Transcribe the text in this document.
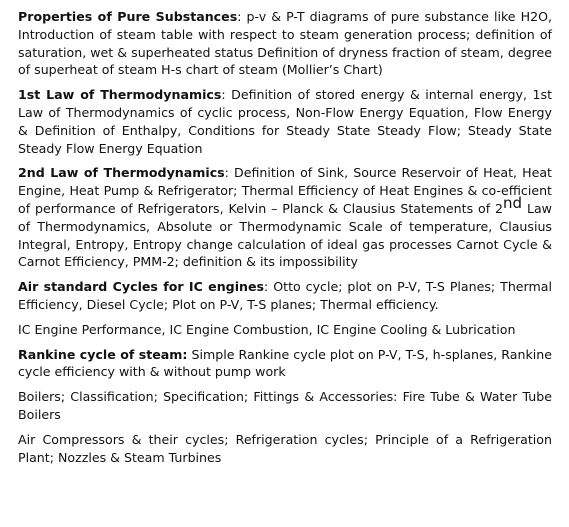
Properties of Pure Substances: p-v & P-T diagrams of pure substance like H2O, Introduction of steam table with respect to steam generation process; definition of saturation, wet & superheated status Definition of dryness fraction of steam, degree of superheat of steam H-s chart of steam (Mollier’s Chart)

1st Law of Thermodynamics: Definition of stored energy & internal energy, 1st Law of Thermodynamics of cyclic process, Non-Flow Energy Equation, Flow Energy & Definition of Enthalpy, Conditions for Steady State Steady Flow; Steady State Steady Flow Energy Equation

2nd Law of Thermodynamics: Definition of Sink, Source Reservoir of Heat, Heat Engine, Heat Pump & Refrigerator; Thermal Efficiency of Heat Engines & co-efficient of performance of Refrigerators, Kelvin – Planck & Clausius Statements of 2nd Law of Thermodynamics, Absolute or Thermodynamic Scale of temperature, Clausius Integral, Entropy, Entropy change calculation of ideal gas processes Carnot Cycle & Carnot Efficiency, PMM-2; definition & its impossibility

Air standard Cycles for IC engines: Otto cycle; plot on P-V, T-S Planes; Thermal Efficiency, Diesel Cycle; Plot on P-V, T-S planes; Thermal efficiency.

IC Engine Performance, IC Engine Combustion, IC Engine Cooling & Lubrication

Rankine cycle of steam: Simple Rankine cycle plot on P-V, T-S, h-splanes, Rankine cycle efficiency with & without pump work

Boilers; Classification; Specification; Fittings & Accessories: Fire Tube & Water Tube Boilers

Air Compressors & their cycles; Refrigeration cycles; Principle of a Refrigeration Plant; Nozzles & Steam Turbines
